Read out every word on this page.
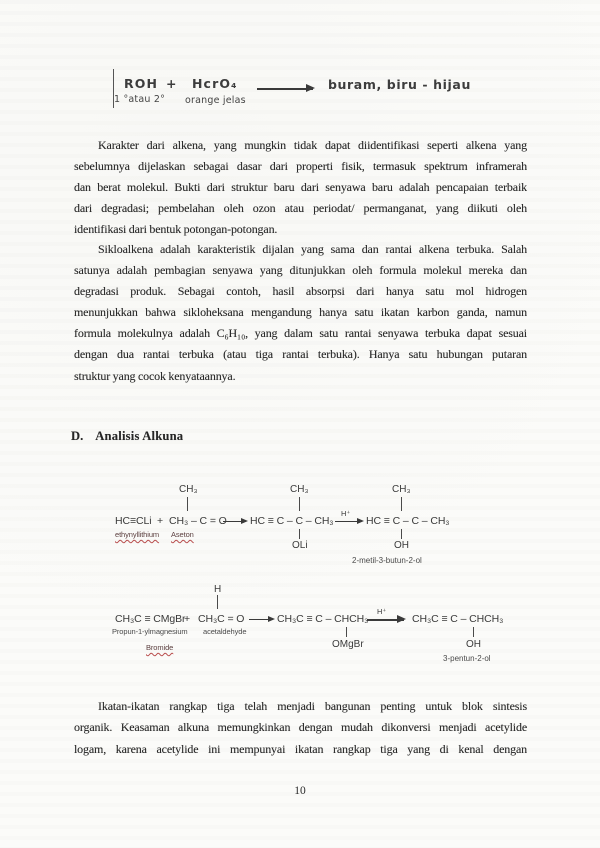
ROH + HcrO₄ → buram, biru - hijau
1 °atau 2° orange jelas
Karakter dari alkena, yang mungkin tidak dapat diidentifikasi seperti alkena yang
sebelumnya dijelaskan sebagai dasar dari properti fisik, termasuk spektrum inframerah
dan berat molekul. Bukti dari struktur baru dari senyawa baru adalah pencapaian terbaik
dari degradasi; pembelahan oleh ozon atau periodat/ permanganat, yang diikuti oleh
identifikasi dari bentuk potongan-potongan.
Sikloalkena adalah karakteristik dijalan yang sama dan rantai alkena terbuka. Salah
satunya adalah pembagian senyawa yang ditunjukkan oleh formula molekul mereka dan
degradasi produk. Sebagai contoh, hasil absorpsi dari hanya satu mol hidrogen
menunjukkan bahwa sikloheksana mengandung hanya satu ikatan karbon ganda, namun
formula molekulnya adalah C₆H₁₀, yang dalam satu rantai senyawa terbuka dapat sesuai
dengan dua rantai terbuka (atau tiga rantai terbuka). Hanya satu hubungan putaran
struktur yang cocok kenyataannya.
D. Analisis Alkuna
HC≡CLi + CH₃ – C = O
CH₃
ethynyllithium Aseton
→ HC ≡ C – C – CH₃
CH₃
OLi
H⁺
→ HC ≡ C – C – CH₃
CH₃
OH
2-metil-3-butun-2-ol
CH₃C ≡ CMgBr
+ CH₃C = O
H
Propun-1-ylmagnesium
Bromide
acetaldehyde
→ CH₃C ≡ C – CHCH₃
OMgBr
H⁺
→ CH₃C ≡ C – CHCH₃
OH
3-pentun-2-ol
Ikatan-ikatan rangkap tiga telah menjadi bangunan penting untuk blok sintesis
organik. Keasaman alkuna memungkinkan dengan mudah dikonversi menjadi acetylide
logam, karena acetylide ini mempunyai ikatan rangkap tiga yang di kenal dengan
10
